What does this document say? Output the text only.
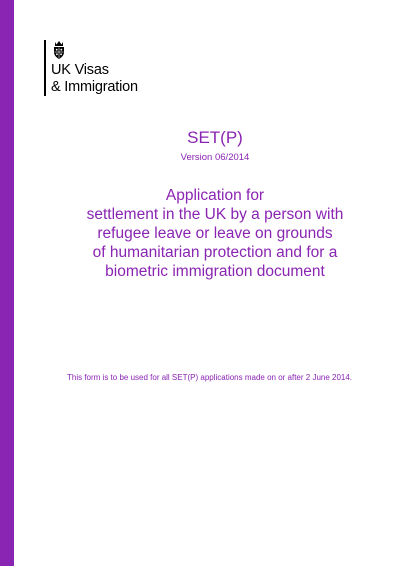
UK Visas
& Immigration
SET(P)
Version 06/2014
Application for
settlement in the UK by a person with
refugee leave or leave on grounds
of humanitarian protection and for a
biometric immigration document
This form is to be used for all SET(P) applications made on or after 2 June 2014.
